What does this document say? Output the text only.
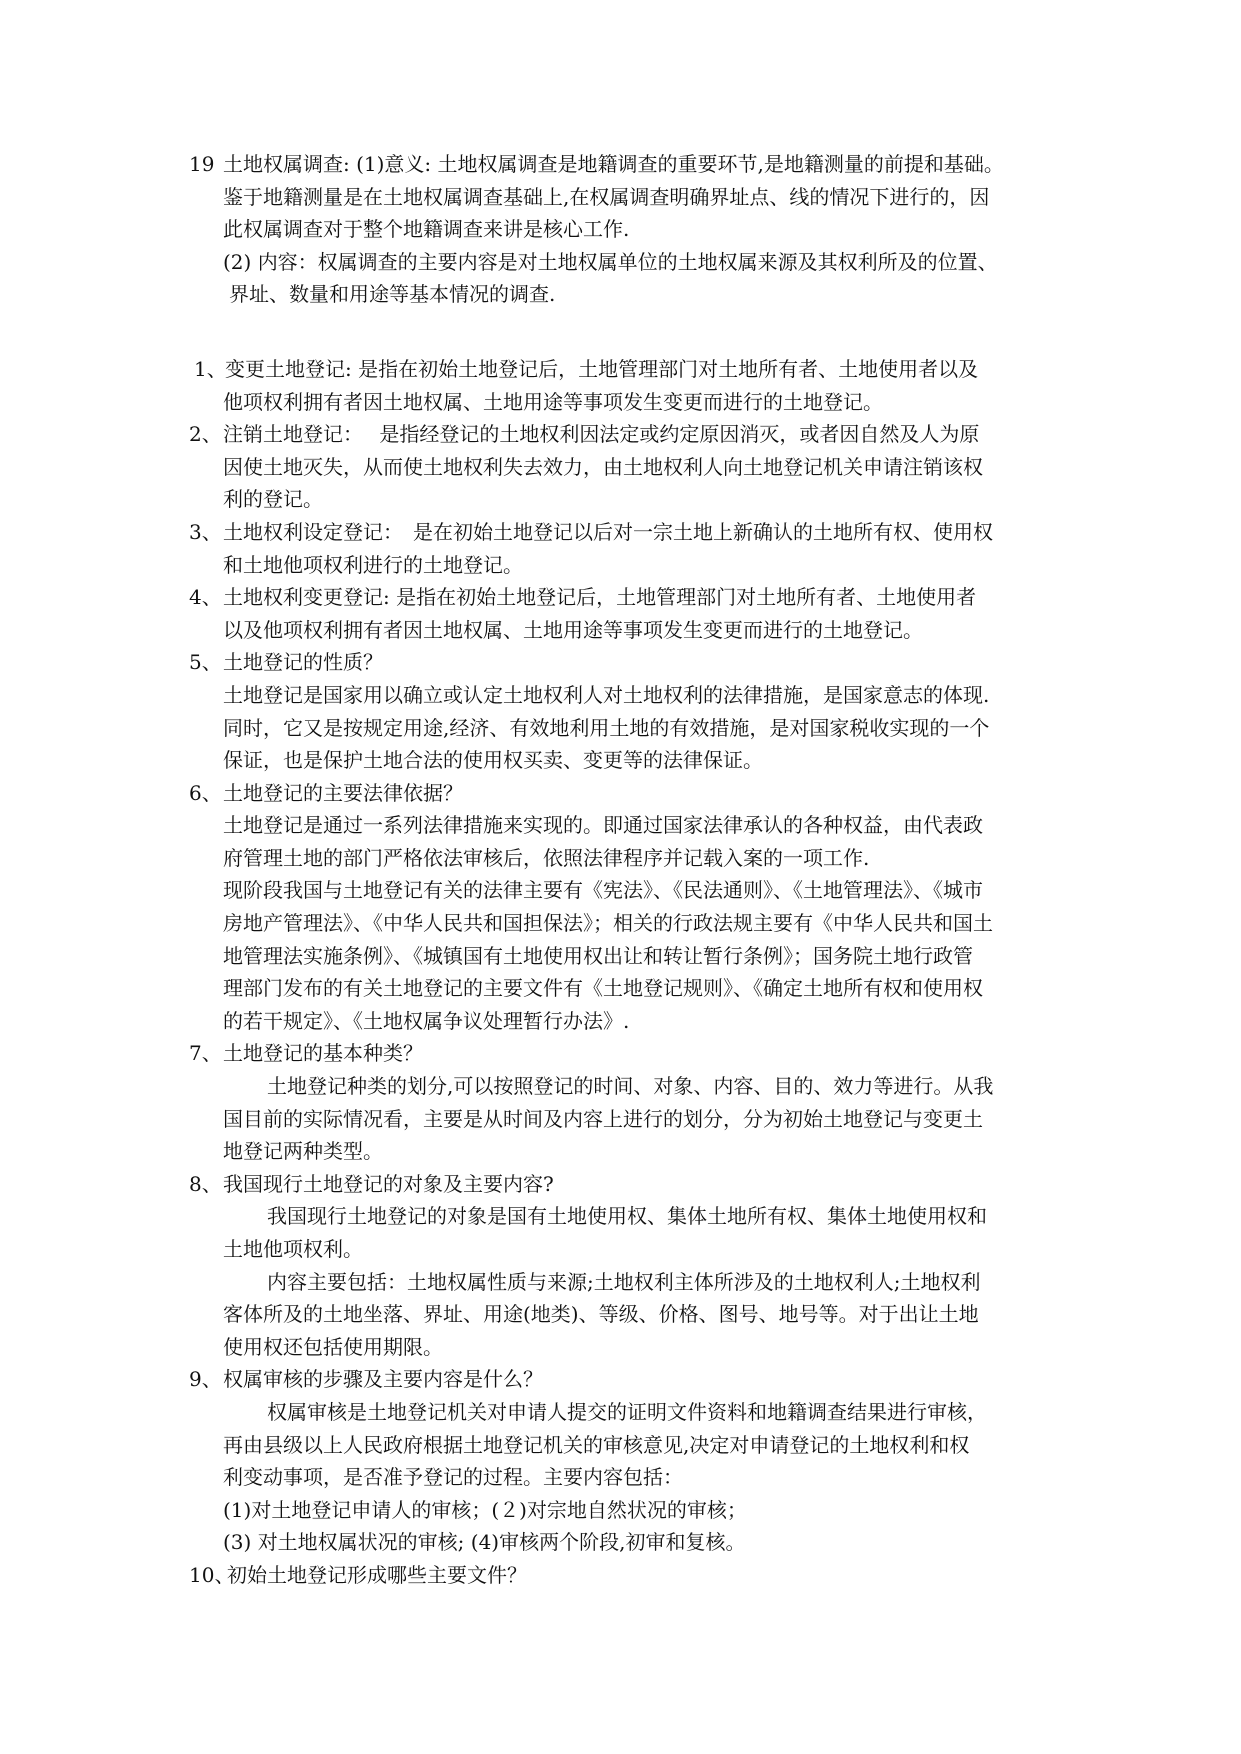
19 土地权属调查: (1)意义: 土地权属调查是地籍调查的重要环节,是地籍测量的前提和基础。
鉴于地籍测量是在土地权属调查基础上,在权属调查明确界址点、线的情况下进行的，因
此权属调查对于整个地籍调查来讲是核心工作.
(2) 内容：权属调查的主要内容是对土地权属单位的土地权属来源及其权利所及的位置、
界址、数量和用途等基本情况的调查.
1、变更土地登记: 是指在初始土地登记后，土地管理部门对土地所有者、土地使用者以及
他项权利拥有者因土地权属、土地用途等事项发生变更而进行的土地登记。
2、注销土地登记：　 是指经登记的土地权利因法定或约定原因消灭，或者因自然及人为原
因使土地灭失，从而使土地权利失去效力，由土地权利人向土地登记机关申请注销该权
利的登记。
3、土地权利设定登记：　是在初始土地登记以后对一宗土地上新确认的土地所有权、使用权
和土地他项权利进行的土地登记。
4、土地权利变更登记: 是指在初始土地登记后，土地管理部门对土地所有者、土地使用者
以及他项权利拥有者因土地权属、土地用途等事项发生变更而进行的土地登记。
5、土地登记的性质？
土地登记是国家用以确立或认定土地权利人对土地权利的法律措施，是国家意志的体现.
同时，它又是按规定用途,经济、有效地利用土地的有效措施，是对国家税收实现的一个
保证，也是保护土地合法的使用权买卖、变更等的法律保证。
6、土地登记的主要法律依据？
土地登记是通过一系列法律措施来实现的。即通过国家法律承认的各种权益，由代表政
府管理土地的部门严格依法审核后，依照法律程序并记载入案的一项工作.
现阶段我国与土地登记有关的法律主要有《宪法》、《民法通则》、《土地管理法》、《城市
房地产管理法》、《中华人民共和国担保法》；相关的行政法规主要有《中华人民共和国土
地管理法实施条例》、《城镇国有土地使用权出让和转让暂行条例》；国务院土地行政管
理部门发布的有关土地登记的主要文件有《土地登记规则》、《确定土地所有权和使用权
的若干规定》、《土地权属争议处理暂行办法》.
7、土地登记的基本种类？
土地登记种类的划分,可以按照登记的时间、对象、内容、目的、效力等进行。从我
国目前的实际情况看，主要是从时间及内容上进行的划分，分为初始土地登记与变更土
地登记两种类型。
8、我国现行土地登记的对象及主要内容?
我国现行土地登记的对象是国有土地使用权、集体土地所有权、集体土地使用权和
土地他项权利。
内容主要包括：土地权属性质与来源;土地权利主体所涉及的土地权利人;土地权利
客体所及的土地坐落、界址、用途(地类)、等级、价格、图号、地号等。对于出让土地
使用权还包括使用期限。
9、权属审核的步骤及主要内容是什么？
权属审核是土地登记机关对申请人提交的证明文件资料和地籍调查结果进行审核，
再由县级以上人民政府根据土地登记机关的审核意见,决定对申请登记的土地权利和权
利变动事项，是否准予登记的过程。主要内容包括：
(1)对土地登记申请人的审核；(２)对宗地自然状况的审核；
(3) 对土地权属状况的审核; (4)审核两个阶段,初审和复核。
10、初始土地登记形成哪些主要文件？
